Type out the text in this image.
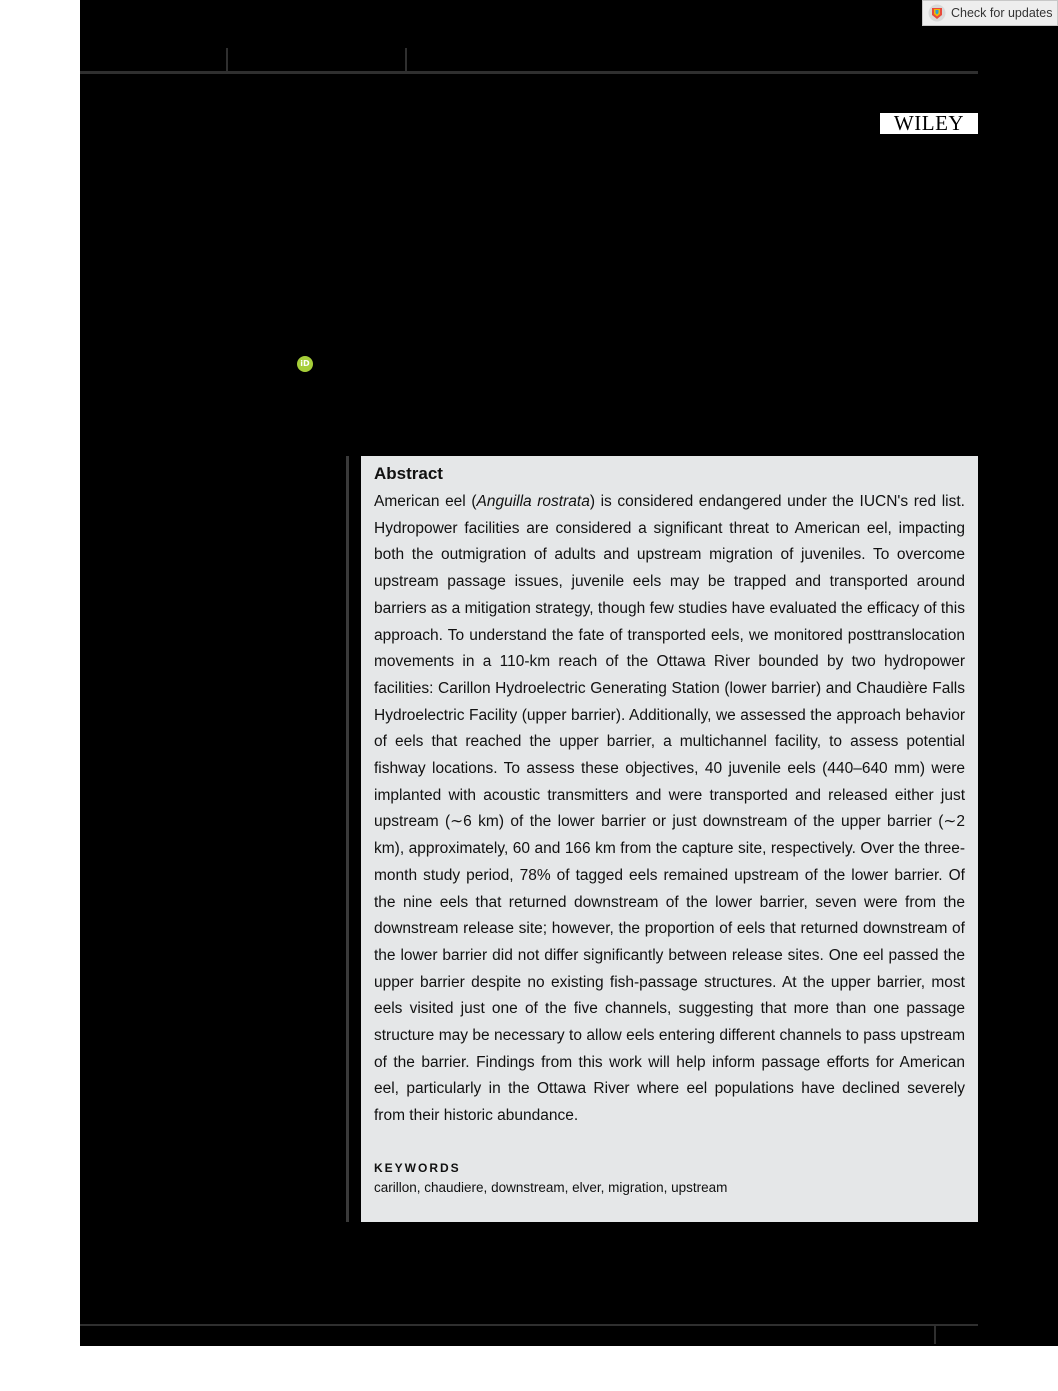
Check for updates
WILEY
iD
Abstract

American eel (Anguilla rostrata) is considered endangered under the IUCN's red list. Hydropower facilities are considered a significant threat to American eel, impacting both the outmigration of adults and upstream migration of juveniles. To overcome upstream passage issues, juvenile eels may be trapped and transported around barriers as a mitigation strategy, though few studies have evaluated the efficacy of this approach. To understand the fate of transported eels, we monitored posttranslocation movements in a 110-km reach of the Ottawa River bounded by two hydropower facilities: Carillon Hydroelectric Generating Station (lower barrier) and Chaudière Falls Hydroelectric Facility (upper barrier). Additionally, we assessed the approach behavior of eels that reached the upper barrier, a multichannel facility, to assess potential fishway locations. To assess these objectives, 40 juvenile eels (440–640 mm) were implanted with acoustic transmitters and were transported and released either just upstream (∼6 km) of the lower barrier or just downstream of the upper barrier (∼2 km), approximately, 60 and 166 km from the capture site, respectively. Over the three-month study period, 78% of tagged eels remained upstream of the lower barrier. Of the nine eels that returned downstream of the lower barrier, seven were from the downstream release site; however, the proportion of eels that returned downstream of the lower barrier did not differ significantly between release sites. One eel passed the upper barrier despite no existing fish-passage structures. At the upper barrier, most eels visited just one of the five channels, suggesting that more than one passage structure may be necessary to allow eels entering different channels to pass upstream of the barrier. Findings from this work will help inform passage efforts for American eel, particularly in the Ottawa River where eel populations have declined severely from their historic abundance.

KEYWORDS
carillon, chaudiere, downstream, elver, migration, upstream
